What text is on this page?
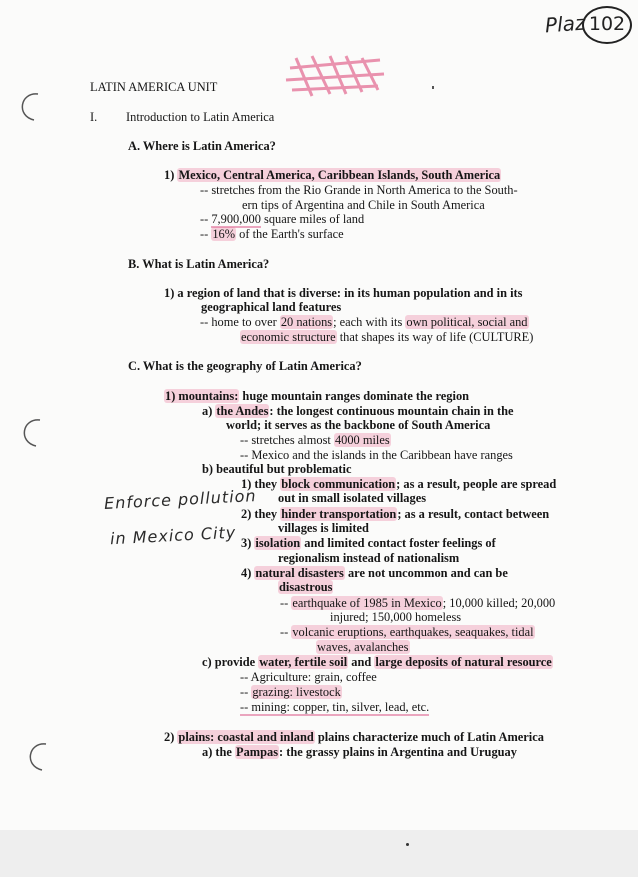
Plaz 102
LATIN AMERICA UNIT
I. Introduction to Latin America
A. Where is Latin America?
1) Mexico, Central America, Caribbean Islands, South America
-- stretches from the Rio Grande in North America to the South-
ern tips of Argentina and Chile in South America
-- 7,900,000 square miles of land
-- 16% of the Earth's surface
B. What is Latin America?
1) a region of land that is diverse: in its human population and in its
geographical land features
-- home to over 20 nations; each with its own political, social and
economic structure that shapes its way of life (CULTURE)
C. What is the geography of Latin America?
1) mountains: huge mountain ranges dominate the region
a) the Andes: the longest continuous mountain chain in the
world; it serves as the backbone of South America
-- stretches almost 4000 miles
-- Mexico and the islands in the Caribbean have ranges
b) beautiful but problematic
1) they block communication; as a result, people are spread
out in small isolated villages
2) they hinder transportation; as a result, contact between
villages is limited
3) isolation and limited contact foster feelings of
regionalism instead of nationalism
4) natural disasters are not uncommon and can be
disastrous
-- earthquake of 1985 in Mexico; 10,000 killed; 20,000
injured; 150,000 homeless
-- volcanic eruptions, earthquakes, seaquakes, tidal
waves, avalanches
c) provide water, fertile soil and large deposits of natural resource
-- Agriculture: grain, coffee
-- grazing: livestock
-- mining: copper, tin, silver, lead, etc.
2) plains: coastal and inland plains characterize much of Latin America
a) the Pampas: the grassy plains in Argentina and Uruguay
Enforce pollution
in Mexico City
